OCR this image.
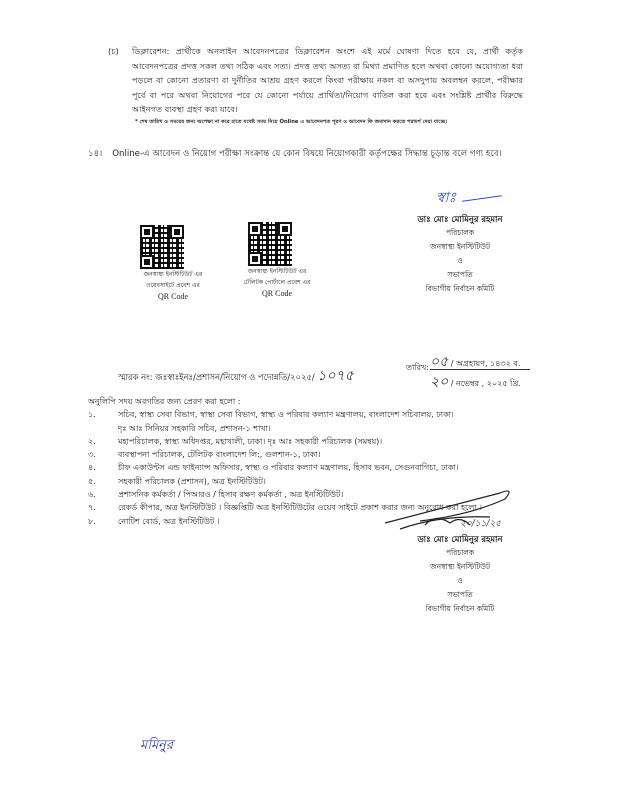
(চ) ডিক্লারেশন: প্রার্থীকে অনলাইন আবেদনপত্রের ডিক্লারেশন অংশে এই মর্মে ঘোষণা দিতে হবে যে, প্রার্থী কর্তৃক আবেদনপত্রের প্রদত্ত সকল তথ্য সঠিক এবং সত্য। প্রদত্ত তথ্য অসত্য বা মিথ্যা প্রমাণিত হলে অথবা কোনো অযোগ্যতা ধরা পড়লে বা কোনো প্রতারণা বা দুর্নীতির আশ্রয় গ্রহণ করলে কিংবা পরীক্ষায় নকল বা অসদুপায় অবলম্বন করলে, পরীক্ষার পূর্বে বা পরে অথবা নিয়োগের পরে যে কোনো পর্যায়ে প্রার্থিতা/নিয়োগ বাতিল করা হবে এবং সংশ্লিষ্ট প্রার্থীর বিরুদ্ধে আইনগত ব্যবস্থা গ্রহণ করা যাবে।
* শেষ তারিখ ও সময়ের জন্য অপেক্ষা না করে হাতে যথেষ্ট সময় নিয়ে Online এ আবেদনপত্র পূরণ ও আবেদন ফি জমাদান করতে পরামর্শ দেয়া যাচ্ছে।
১৪। Online-এ আবেদন ও নিয়োগ পরীক্ষা সংক্রান্ত যে কোন বিষয়ে নিয়োগকারী কর্তৃপক্ষের সিদ্ধান্ত চূড়ান্ত বলে গণ্য হবে।
স্বাঃ
ডাঃ মোঃ মোমিনুর রহমান
পরিচালক
জনস্বাস্থ্য ইনস্টিটিউট
ও
সভাপতি
বিভাগীয় নির্বাচন কমিটি
জনস্বাস্থ্য ইনস্টিটিউট এর
ওয়েবসাইটে প্রবেশ এর
QR Code
জনস্বাস্থ্য ইনস্টিটিউট এর
টেলিটক পোর্টালে প্রবেশ এর
QR Code
স্মারক নং: জঃস্বাঃইনঃ/প্রশাসন/নিয়োগ ও পদোন্নতি/২০২৫/ ১০৭৫
তারিখ: ০৫ / অগ্রহায়ণ, ১৪৩২ ব.
২০ / নভেম্বর , ২০২৫ খ্রি.
অনুলিপি সদয় অবগতির জন্য প্রেরণ করা হলো :
১.	সচিব, স্বাস্থ্য সেবা বিভাগ, স্বাস্থ্য সেবা বিভাগ, স্বাস্থ্য ও পরিবার কল্যাণ মন্ত্রণালয়, বাংলাদেশ সচিবালয়, ঢাকা।
দৃঃ আঃ সিনিয়র সহকারি সচিব, প্রশাসন-১ শাখা।
২.	মহাপরিচালক, স্বাস্থ্য অধিদপ্তর, মহাখালী, ঢাকা। দৃঃ আঃ সহকারী পরিচালক (সমন্বয়)।
৩.	ব্যবস্থাপনা পরিচালক, টেলিটক বাংলাদেশ লি:, গুলশান-১, ঢাকা।
৪.	চীফ একাউন্টস এন্ড ফাইন্যান্স অফিসার, স্বাস্থ্য ও পরিবার কল্যাণ মন্ত্রণালয়, হিসাব ভবন, সেগুনবাগিচা, ঢাকা।
৫.	সহকারী পরিচালক (প্রশাসন), অত্র ইনস্টিটিউট।
৬.	প্রশাসনিক কর্মকর্তা / পিআরও / হিসাব রক্ষণ কর্মকর্তা , অত্র ইনস্টিটিউট।
৭.	রেকর্ড কীপার, অত্র ইনস্টিটিউট । বিজ্ঞপ্তিটি অত্র ইনস্টিটিউটের ওয়েব সাইটে প্রকাশ করার জন্য অনুরোধ করা হলো ।
৮.	নোটিশ বোর্ড, অত্র ইনস্টিটিউট ।	২০/১১/২৫
ডাঃ মোঃ মোমিনুর রহমান
পরিচালক
জনস্বাস্থ্য ইনস্টিটিউট
ও
সভাপতি
বিভাগীয় নির্বাচন কমিটি
মমিনুর
